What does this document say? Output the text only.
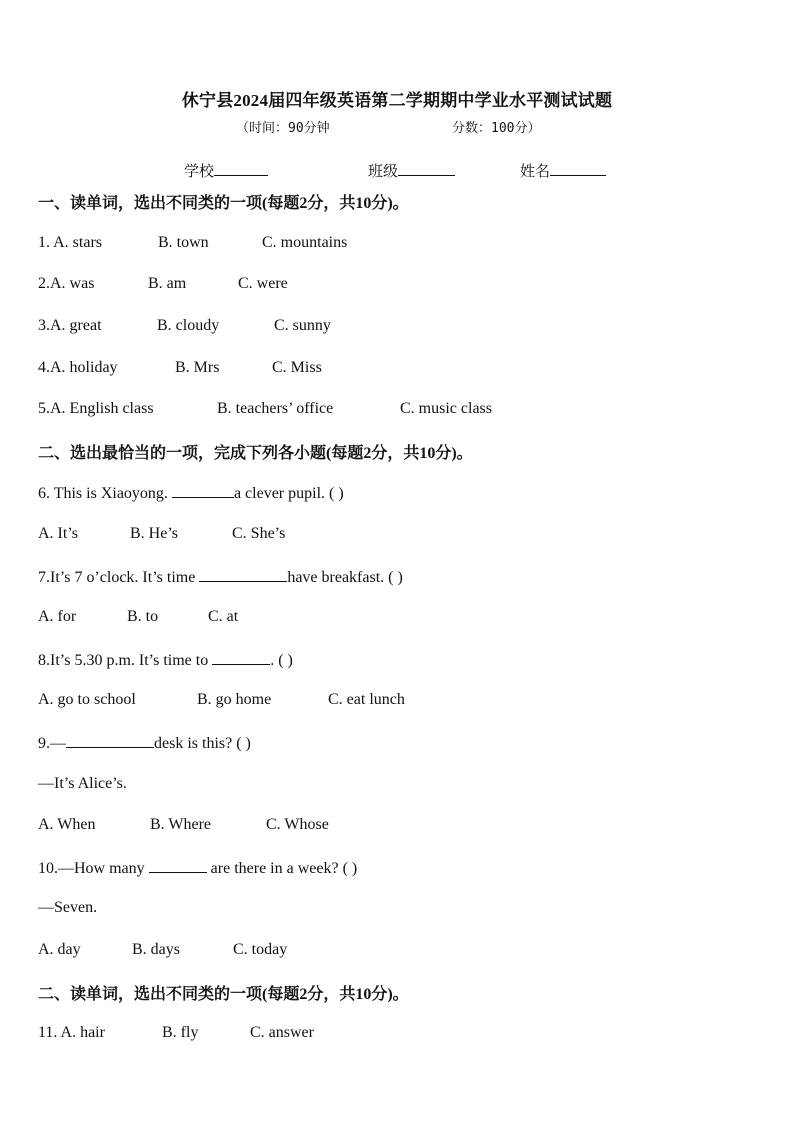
休宁县2024届四年级英语第二学期期中学业水平测试试题
（时间：90分钟	分数：100分）
学校	班级	姓名
一、读单词，选出不同类的一项(每题2分，共10分)。
1. A. stars	B. town	C. mountains
2.A. was	B. am	C. were
3.A. great	B. cloudy	C. sunny
4.A. holiday	B. Mrs	C. Miss
5.A. English class	B. teachers’ office	C. music class
二、选出最恰当的一项，完成下列各小题(每题2分，共10分)。
6. This is Xiaoyong.	a clever pupil. ( )
A. It’s	B. He’s	C. She’s
7.It’s 7 o’clock. It’s time	have breakfast. ( )
A. for	B. to	C. at
8.It’s 5.30 p.m. It’s time to	. ( )
A. go to school	B. go home	C. eat lunch
9.—	desk is this? ( )
—It’s Alice’s.
A. When	B. Where	C. Whose
10.—How many	are there in a week? ( )
—Seven.
A. day	B. days	C. today
二、读单词，选出不同类的一项(每题2分，共10分)。
11. A. hair	B. fly	C. answer
